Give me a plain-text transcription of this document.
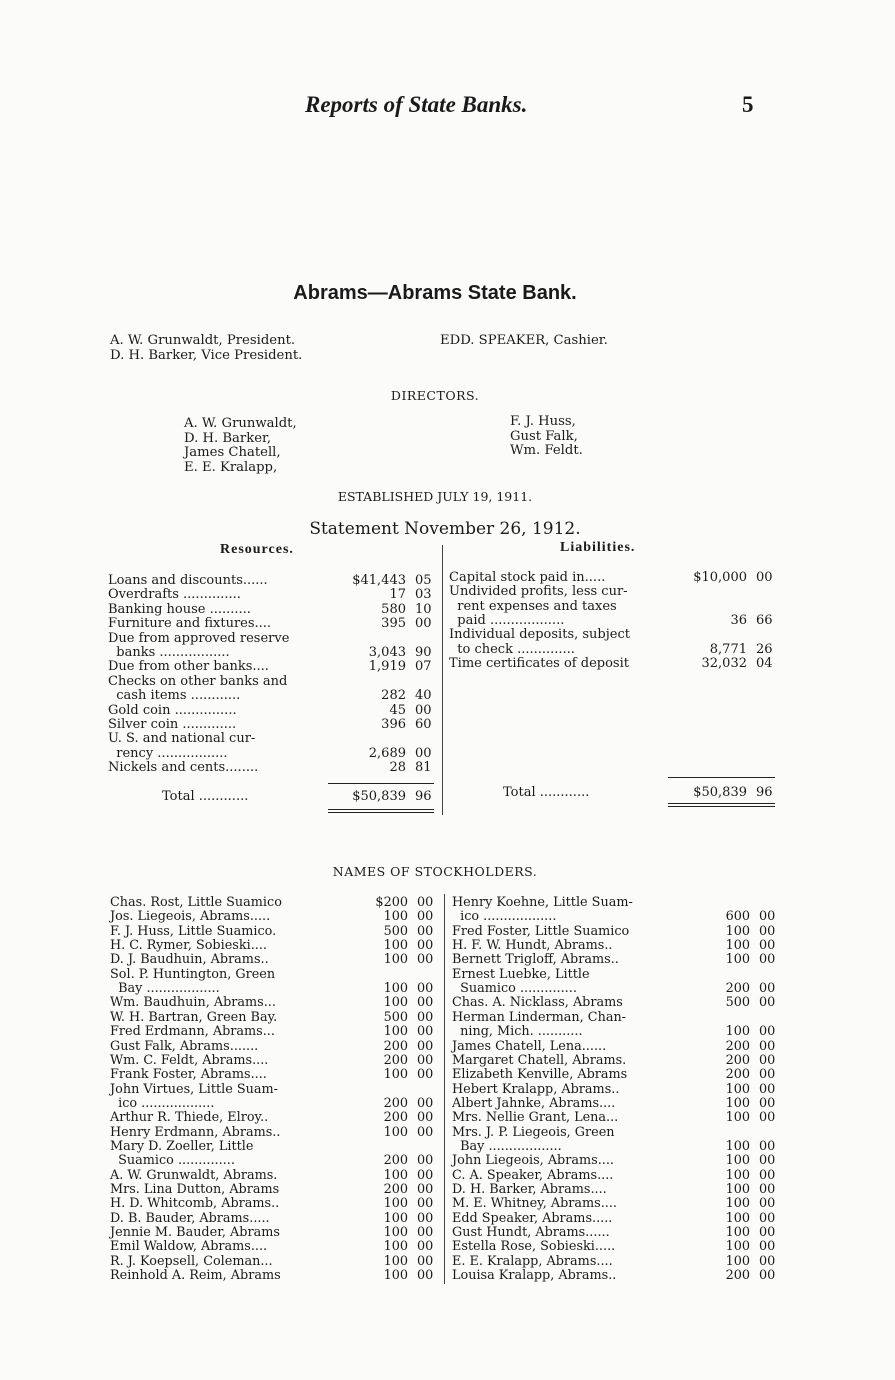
Reports of State Banks.	5
Abrams—Abrams State Bank.
A. W. Grunwaldt, President.
D. H. Barker, Vice President.
EDD. SPEAKER, Cashier.
DIRECTORS.
A. W. Grunwaldt,
D. H. Barker,
James Chatell,
E. E. Kralapp,
F. J. Huss,
Gust Falk,
Wm. Feldt.
ESTABLISHED JULY 19, 1911.
Statement November 26, 1912.
Resources.	Liabilities.
Loans and discounts......	$41,443 05
Overdrafts ..............	17 03
Banking house ..........	580 10
Furniture and fixtures....	395 00
Due from approved reserve
banks .................	3,043 90
Due from other banks....	1,919 07
Checks on other banks and
cash items ............	282 40
Gold coin ...............	45 00
Silver coin .............	396 60
U. S. and national cur-
rency .................	2,689 00
Nickels and cents........	28 81
Total ............	$50,839 96
Capital stock paid in.....	$10,000 00
Undivided profits, less cur-
rent expenses and taxes
paid ..................	36 66
Individual deposits, subject
to check ..............	8,771 26
Time certificates of deposit	32,032 04
Total ............	$50,839 96
NAMES OF STOCKHOLDERS.
Chas. Rost, Little Suamico	$200 00
Jos. Liegeois, Abrams.....	100 00
F. J. Huss, Little Suamico.	500 00
H. C. Rymer, Sobieski....	100 00
D. J. Baudhuin, Abrams..	100 00
Sol. P. Huntington, Green
Bay ..................	100 00
Wm. Baudhuin, Abrams...	100 00
W. H. Bartran, Green Bay.	500 00
Fred Erdmann, Abrams...	100 00
Gust Falk, Abrams.......	200 00
Wm. C. Feldt, Abrams....	200 00
Frank Foster, Abrams....	100 00
John Virtues, Little Suam-
ico ..................	200 00
Arthur R. Thiede, Elroy..	200 00
Henry Erdmann, Abrams..	100 00
Mary D. Zoeller, Little
Suamico ..............	200 00
A. W. Grunwaldt, Abrams.	100 00
Mrs. Lina Dutton, Abrams	200 00
H. D. Whitcomb, Abrams..	100 00
D. B. Bauder, Abrams.....	100 00
Jennie M. Bauder, Abrams	100 00
Emil Waldow, Abrams....	100 00
R. J. Koepsell, Coleman...	100 00
Reinhold A. Reim, Abrams	100 00
Henry Koehne, Little Suam-
ico ..................	600 00
Fred Foster, Little Suamico	100 00
H. F. W. Hundt, Abrams..	100 00
Bernett Trigloff, Abrams..	100 00
Ernest Luebke, Little
Suamico ..............	200 00
Chas. A. Nicklass, Abrams	500 00
Herman Linderman, Chan-
ning, Mich. ...........	100 00
James Chatell, Lena......	200 00
Margaret Chatell, Abrams.	200 00
Elizabeth Kenville, Abrams	200 00
Hebert Kralapp, Abrams..	100 00
Albert Jahnke, Abrams....	100 00
Mrs. Nellie Grant, Lena...	100 00
Mrs. J. P. Liegeois, Green
Bay ..................	100 00
John Liegeois, Abrams....	100 00
C. A. Speaker, Abrams....	100 00
D. H. Barker, Abrams....	100 00
M. E. Whitney, Abrams....	100 00
Edd Speaker, Abrams.....	100 00
Gust Hundt, Abrams......	100 00
Estella Rose, Sobieski.....	100 00
E. E. Kralapp, Abrams....	100 00
Louisa Kralapp, Abrams..	200 00
